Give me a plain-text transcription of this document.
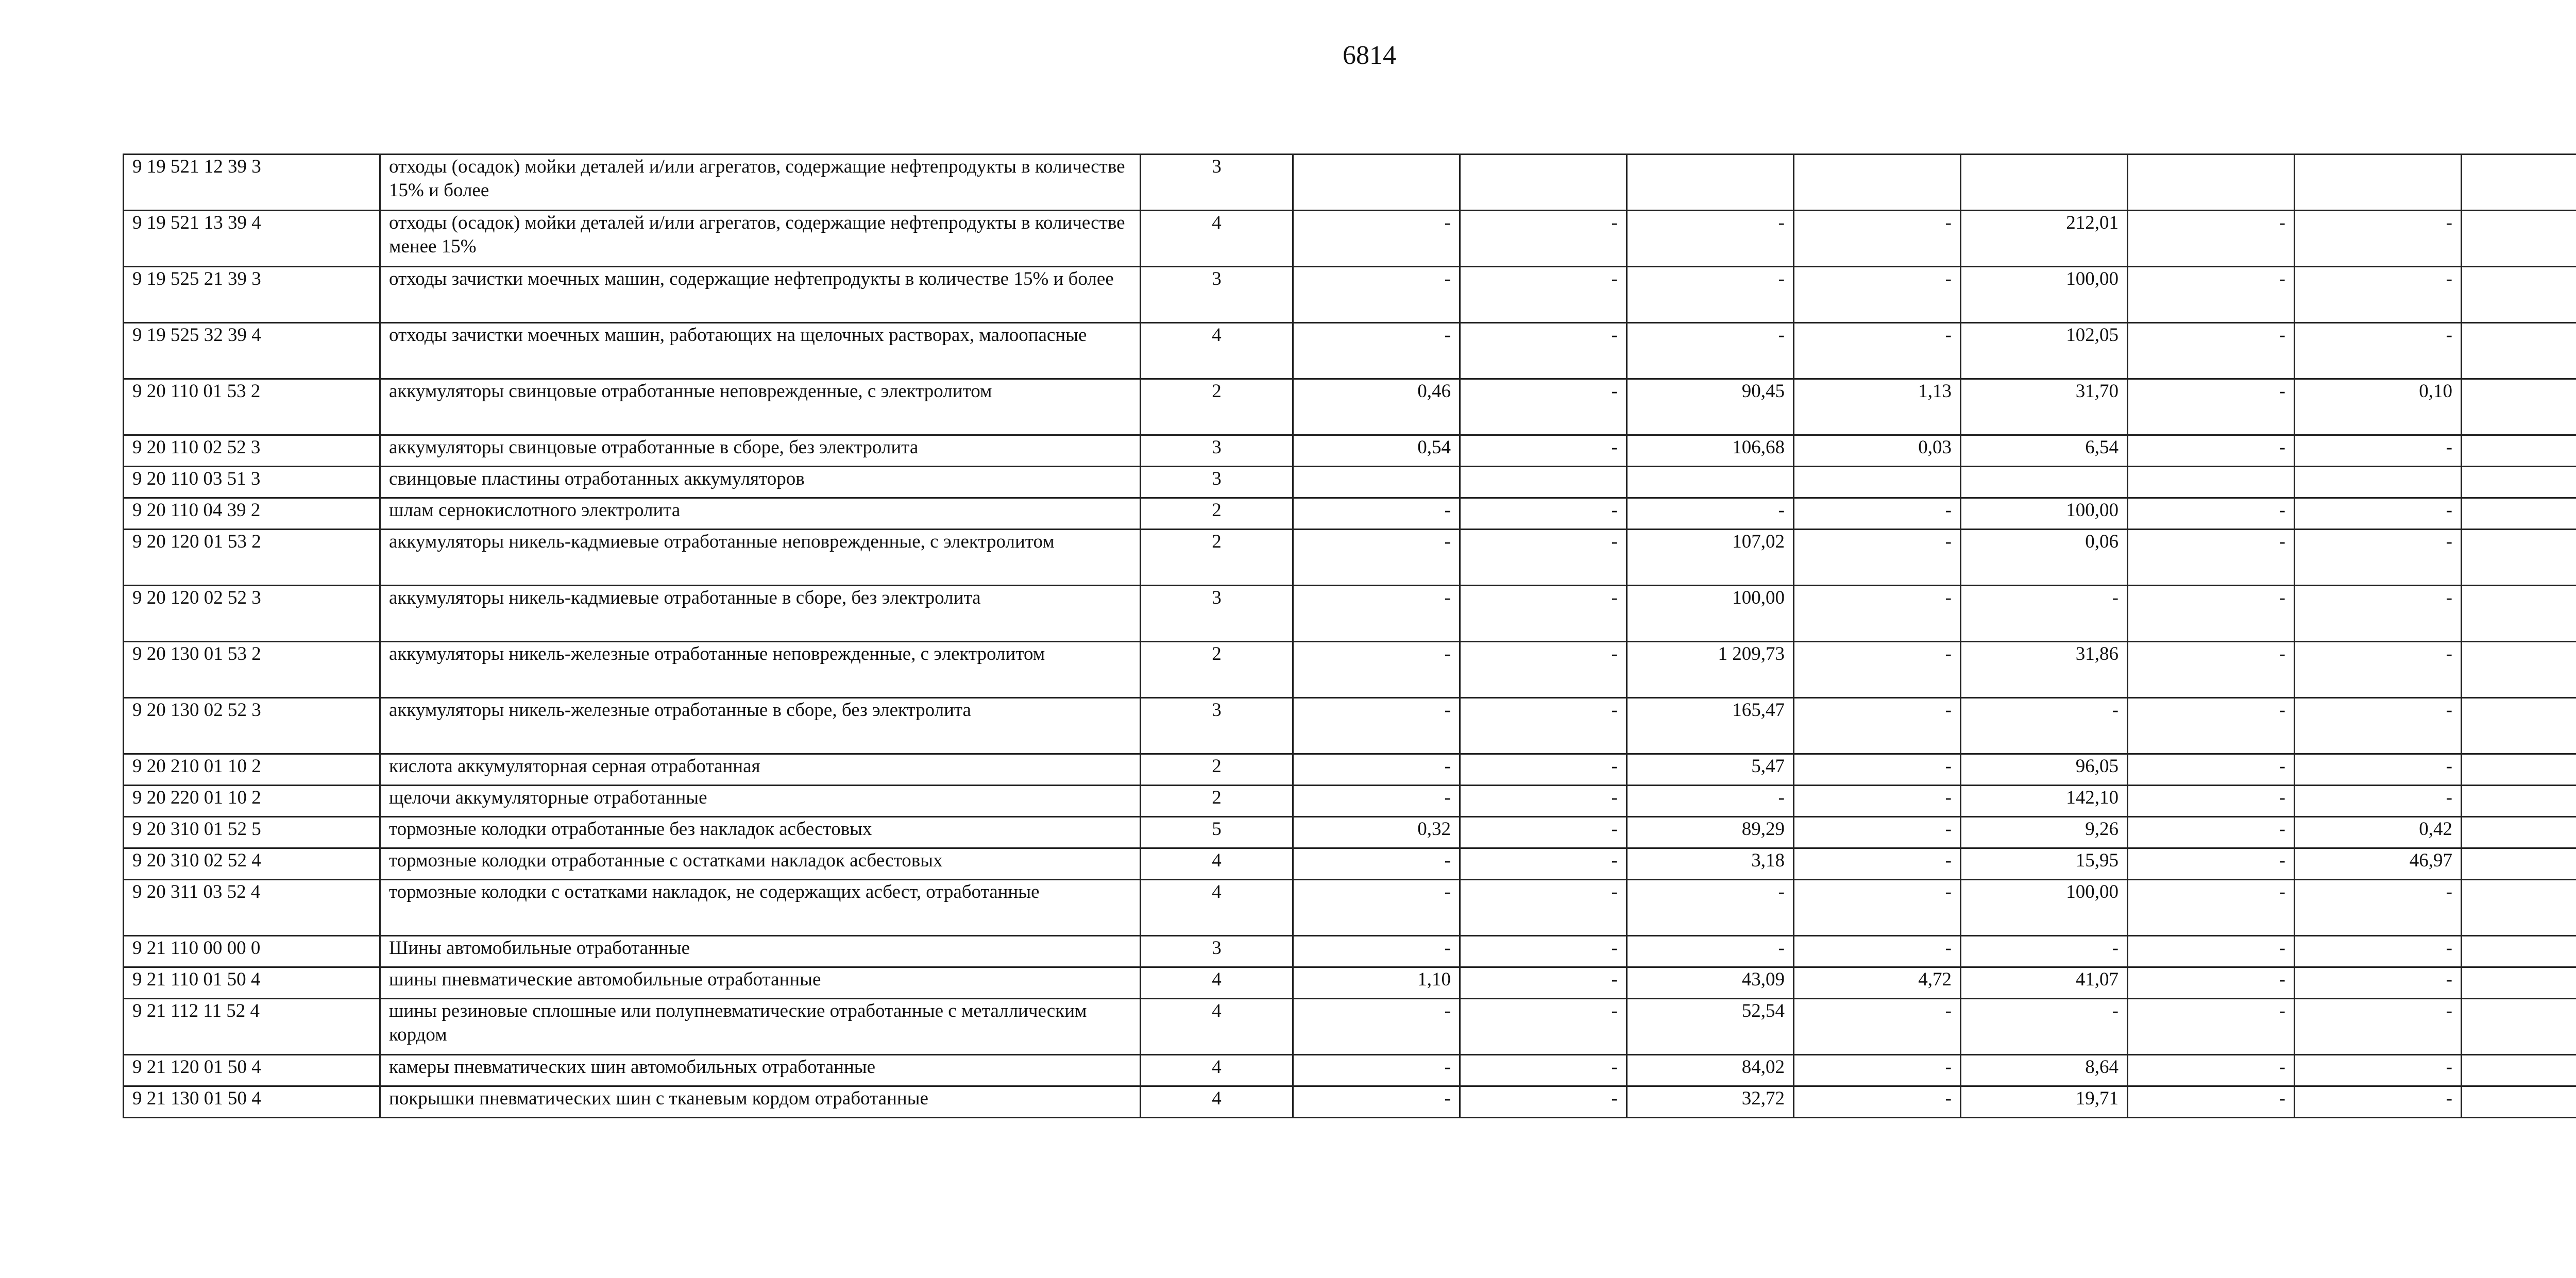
6814
9 19 521 12 39 3	отходы (осадок) мойки деталей и/или агрегатов, содержащие нефтепродукты в количестве 15% и более	3								
9 19 521 13 39 4	отходы (осадок) мойки деталей и/или агрегатов, содержащие нефтепродукты в количестве менее 15%	4	-	-	-	-	212,01	-	-	
9 19 525 21 39 3	отходы зачистки моечных машин, содержащие нефтепродукты в количестве 15% и более	3	-	-	-	-	100,00	-	-	
9 19 525 32 39 4	отходы зачистки моечных машин, работающих на щелочных растворах, малоопасные	4	-	-	-	-	102,05	-	-	
9 20 110 01 53 2	аккумуляторы свинцовые отработанные неповрежденные, с электролитом	2	0,46	-	90,45	1,13	31,70	-	0,10	
9 20 110 02 52 3	аккумуляторы свинцовые отработанные в сборе, без электролита	3	0,54	-	106,68	0,03	6,54	-	-	
9 20 110 03 51 3	свинцовые пластины отработанных аккумуляторов	3								
9 20 110 04 39 2	шлам сернокислотного электролита	2	-	-	-	-	100,00	-	-	
9 20 120 01 53 2	аккумуляторы никель-кадмиевые отработанные неповрежденные, с электролитом	2	-	-	107,02	-	0,06	-	-	
9 20 120 02 52 3	аккумуляторы никель-кадмиевые отработанные в сборе, без электролита	3	-	-	100,00	-	-	-	-	
9 20 130 01 53 2	аккумуляторы никель-железные отработанные неповрежденные, с электролитом	2	-	-	1 209,73	-	31,86	-	-	
9 20 130 02 52 3	аккумуляторы никель-железные отработанные в сборе, без электролита	3	-	-	165,47	-	-	-	-	
9 20 210 01 10 2	кислота аккумуляторная серная отработанная	2	-	-	5,47	-	96,05	-	-	
9 20 220 01 10 2	щелочи аккумуляторные отработанные	2	-	-	-	-	142,10	-	-	
9 20 310 01 52 5	тормозные колодки отработанные без накладок асбестовых	5	0,32	-	89,29	-	9,26	-	0,42	
9 20 310 02 52 4	тормозные колодки отработанные с остатками накладок асбестовых	4	-	-	3,18	-	15,95	-	46,97	
9 20 311 03 52 4	тормозные колодки с остатками накладок, не содержащих асбест, отработанные	4	-	-	-	-	100,00	-	-	
9 21 110 00 00 0	Шины автомобильные отработанные	3	-	-	-	-	-	-	-	
9 21 110 01 50 4	шины пневматические автомобильные отработанные	4	1,10	-	43,09	4,72	41,07	-	-	
9 21 112 11 52 4	шины резиновые сплошные или полупневматические отработанные с металлическим кордом	4	-	-	52,54	-	-	-	-	
9 21 120 01 50 4	камеры пневматических шин автомобильных отработанные	4	-	-	84,02	-	8,64	-	-	
9 21 130 01 50 4	покрышки пневматических шин с тканевым кордом отработанные	4	-	-	32,72	-	19,71	-	-	
